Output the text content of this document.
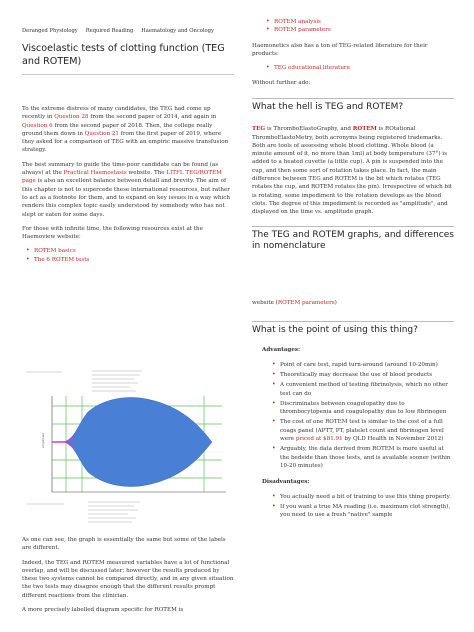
Deranged Physiology Required Reading Haematology and Oncology
Viscoelastic tests of clotting function (TEG and ROTEM)

To the extreme distress of many candidates, the TEG had come up recently in Question 28 from the second paper of 2014, and again in Question 6 from the second paper of 2018. Then, the college really ground them down in Question 21 from the first paper of 2019, where they asked for a comparison of TEG with an empiric massive transfusion strategy.

The best summary to guide the time-poor candidate can be found (as always) at the Practical Haemostasis website. The LITFL TEG/ROTEM page is also an excellent balance between detail and brevity. The aim of this chapter is not to supercede these international resources, but rather to act as a footnote for them, and to expand on key issues in a way which renders this complex topic easily understood by somebody who has not slept or eaten for some days.

For those with infinite time, the following resources exist at the Haemoview website:

• ROTEM basics
• The 6 ROTEM tests
amplitude

As one can see, the graph is essentially the same but some of the labels are different.

Indeed, the TEG and ROTEM measured variables have a lot of functional overlap, and will be discussed later; however the results produced by these two systems cannot be compared directly, and in any given situation the two tests may disagree enough that the different results prompt different reactions from the clinician.

A more precisely labelled diagram specific for ROTEM is

• ROTEM analysis
• ROTEM parameters

Haemonetics also has a ton of TEG-related literature for their products:

• TEG educational literature

Without further ado:

What the hell is TEG and ROTEM?

TEG is ThromboElastoGraphy, and ROTEM is ROtational ThromboElastoMetry, both acronyms being registered trademarks. Both are tools of assessing whole blood clotting. Whole blood (a minute amount of it, no more than 1ml) at body temperature (37°) is added to a heated cuvette (a little cup). A pin is suspended into the cup, and then some sort of rotation takes place. In fact, the main difference between TEG and ROTEM is the bit which rotates (TEG rotates the cup, and ROTEM rotates the pin). Irrespective of which bit is rotating, some impediment to the rotation develops as the blood clots. The degree of this impediment is recorded as "amplitude", and displayed on the time vs. amplitude graph.

The TEG and ROTEM graphs, and differences in nomenclature

website (ROTEM parameters)

What is the point of using this thing?

Advantages:

• Point of care test, rapid turn-around (around 10-20min)
• Theoretically may decrease the use of blood products
• A convenient method of testing fibrinolysis, which no other test can do
• Discriminates between coagulopathy due to thrombocytopenia and coagulopathy due to low fibrinogen
• The cost of one ROTEM test is similar to the cost of a full coags panel (APTT, PT, platelet count and fibrinogen level were priced at $81.91 by QLD Health in November 2012)
• Arguably, the data derived from ROTEM is more useful at the bedside than those tests, and is available sooner (within 10-20 minutes)

Disadvantages:

• You actually need a bit of training to use this thing properly.
• If you want a true MA reading (i.e. maximum clot strength), you need to use a fresh "native" sample
